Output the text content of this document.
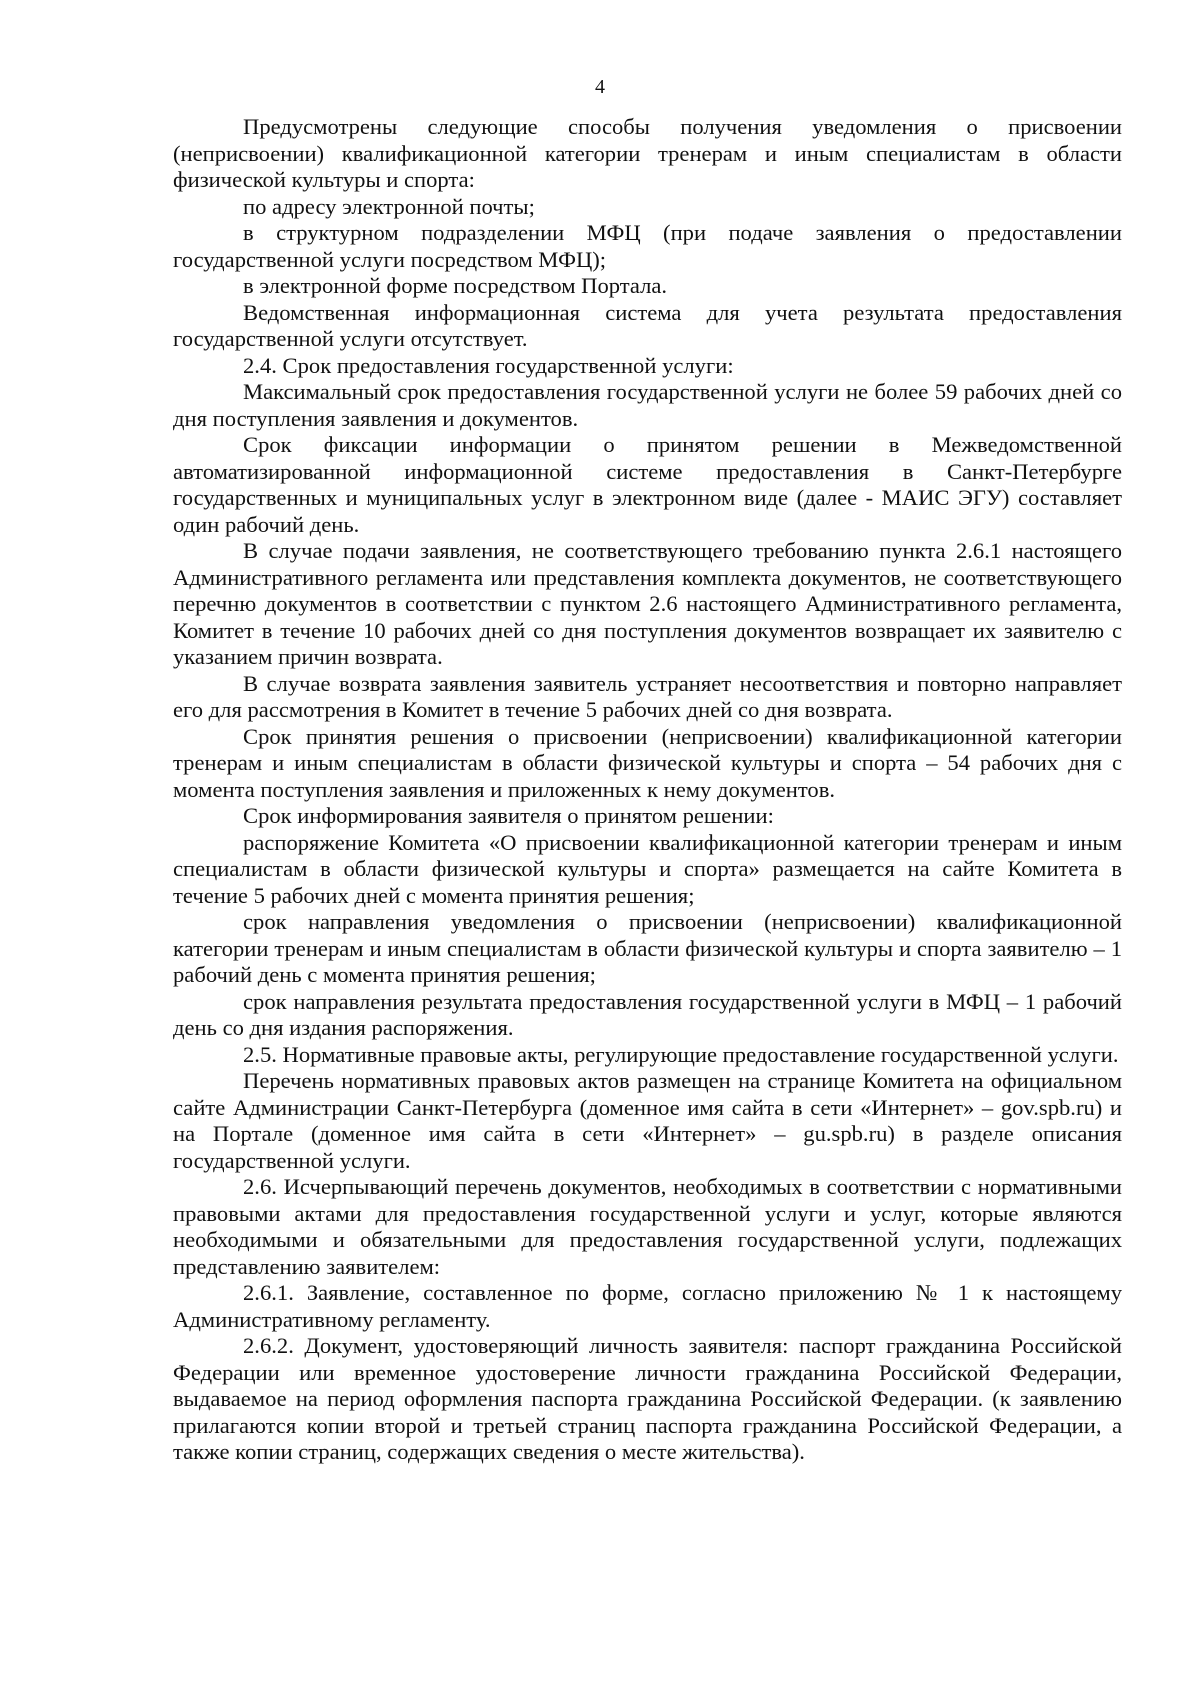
4

Предусмотрены следующие способы получения уведомления о присвоении (неприсвоении) квалификационной категории тренерам и иным специалистам в области физической культуры и спорта:

по адресу электронной почты;

в структурном подразделении МФЦ (при подаче заявления о предоставлении государственной услуги посредством МФЦ);

в электронной форме посредством Портала.

Ведомственная информационная система для учета результата предоставления государственной услуги отсутствует.

2.4. Срок предоставления государственной услуги:

Максимальный срок предоставления государственной услуги не более 59 рабочих дней со дня поступления заявления и документов.

Срок фиксации информации о принятом решении в Межведомственной автоматизированной информационной системе предоставления в Санкт-Петербурге государственных и муниципальных услуг в электронном виде (далее - МАИС ЭГУ) составляет один рабочий день.

В случае подачи заявления, не соответствующего требованию пункта 2.6.1 настоящего Административного регламента или представления комплекта документов, не соответствующего перечню документов в соответствии с пунктом 2.6 настоящего Административного регламента, Комитет в течение 10 рабочих дней со дня поступления документов возвращает их заявителю с указанием причин возврата.

В случае возврата заявления заявитель устраняет несоответствия и повторно направляет его для рассмотрения в Комитет в течение 5 рабочих дней со дня возврата.

Срок принятия решения о присвоении (неприсвоении) квалификационной категории тренерам и иным специалистам в области физической культуры и спорта – 54 рабочих дня с момента поступления заявления и приложенных к нему документов.

Срок информирования заявителя о принятом решении:

распоряжение Комитета «О присвоении квалификационной категории тренерам и иным специалистам в области физической культуры и спорта» размещается на сайте Комитета в течение 5 рабочих дней с момента принятия решения;

срок направления уведомления о присвоении (неприсвоении) квалификационной категории тренерам и иным специалистам в области физической культуры и спорта заявителю – 1 рабочий день с момента принятия решения;

срок направления результата предоставления государственной услуги в МФЦ – 1 рабочий день со дня издания распоряжения.

2.5. Нормативные правовые акты, регулирующие предоставление государственной услуги.

Перечень нормативных правовых актов размещен на странице Комитета на официальном сайте Администрации Санкт-Петербурга (доменное имя сайта в сети «Интернет» – gov.spb.ru) и на Портале (доменное имя сайта в сети «Интернет» – gu.spb.ru) в разделе описания государственной услуги.

2.6. Исчерпывающий перечень документов, необходимых в соответствии с нормативными правовыми актами для предоставления государственной услуги и услуг, которые являются необходимыми и обязательными для предоставления государственной услуги, подлежащих представлению заявителем:

2.6.1. Заявление, составленное по форме, согласно приложению № 1 к настоящему Административному регламенту.

2.6.2. Документ, удостоверяющий личность заявителя: паспорт гражданина Российской Федерации или временное удостоверение личности гражданина Российской Федерации, выдаваемое на период оформления паспорта гражданина Российской Федерации. (к заявлению прилагаются копии второй и третьей страниц паспорта гражданина Российской Федерации, а также копии страниц, содержащих сведения о месте жительства).
